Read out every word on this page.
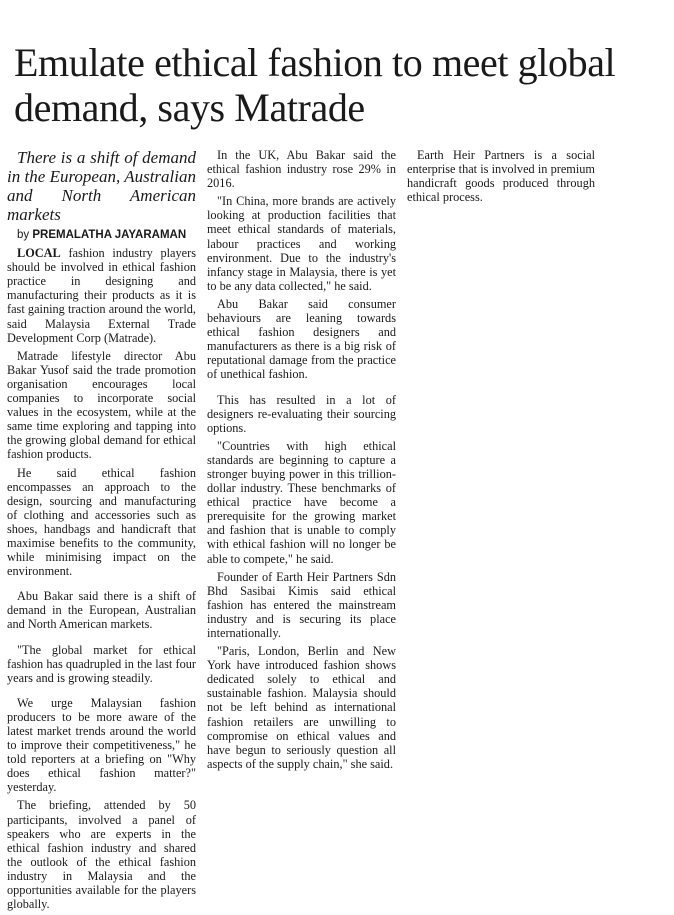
Emulate ethical fashion to meet global demand, says Matrade

There is a shift of demand in the European, Australian and North American markets

by PREMALATHA JAYARAMAN

LOCAL fashion industry players should be involved in ethical fashion practice in designing and manufacturing their products as it is fast gaining traction around the world, said Malaysia External Trade Development Corp (Matrade).

Matrade lifestyle director Abu Bakar Yusof said the trade promotion organisation encourages local companies to incorporate social values in the ecosystem, while at the same time exploring and tapping into the growing global demand for ethical fashion products.

He said ethical fashion encompasses an approach to the design, sourcing and manufacturing of clothing and accessories such as shoes, handbags and handicraft that maximise benefits to the community, while minimising impact on the environment.

Abu Bakar said there is a shift of demand in the European, Australian and North American markets.

"The global market for ethical fashion has quadrupled in the last four years and is growing steadily.

We urge Malaysian fashion producers to be more aware of the latest market trends around the world to improve their competitiveness," he told reporters at a briefing on "Why does ethical fashion matter?" yesterday.

The briefing, attended by 50 participants, involved a panel of speakers who are experts in the ethical fashion industry and shared the outlook of the ethical fashion industry in Malaysia and the opportunities available for the players globally.

In the UK, Abu Bakar said the ethical fashion industry rose 29% in 2016.

"In China, more brands are actively looking at production facilities that meet ethical standards of materials, labour practices and working environment. Due to the industry's infancy stage in Malaysia, there is yet to be any data collected," he said.

Abu Bakar said consumer behaviours are leaning towards ethical fashion designers and manufacturers as there is a big risk of reputational damage from the practice of unethical fashion.

This has resulted in a lot of designers re-evaluating their sourcing options.

"Countries with high ethical standards are beginning to capture a stronger buying power in this trillion-dollar industry. These benchmarks of ethical practice have become a prerequisite for the growing market and fashion that is unable to comply with ethical fashion will no longer be able to compete," he said.

Founder of Earth Heir Partners Sdn Bhd Sasibai Kimis said ethical fashion has entered the mainstream industry and is securing its place internationally.

"Paris, London, Berlin and New York have introduced fashion shows dedicated solely to ethical and sustainable fashion. Malaysia should not be left behind as international fashion retailers are unwilling to compromise on ethical values and have begun to seriously question all aspects of the supply chain," she said.

Earth Heir Partners is a social enterprise that is involved in premium handicraft goods produced through ethical process.
